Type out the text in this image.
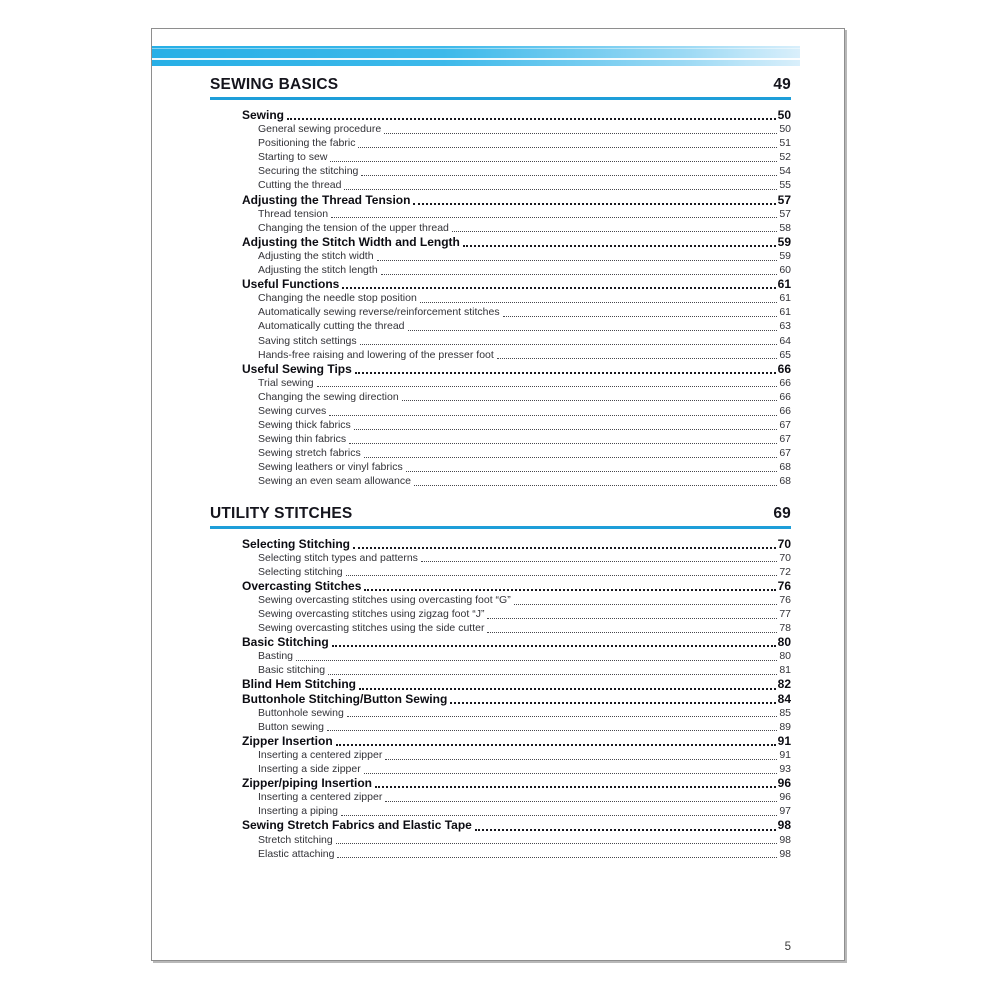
SEWING BASICS	49
Sewing	50
General sewing procedure	50
Positioning the fabric	51
Starting to sew	52
Securing the stitching	54
Cutting the thread	55
Adjusting the Thread Tension	57
Thread tension	57
Changing the tension of the upper thread	58
Adjusting the Stitch Width and Length	59
Adjusting the stitch width	59
Adjusting the stitch length	60
Useful Functions	61
Changing the needle stop position	61
Automatically sewing reverse/reinforcement stitches	61
Automatically cutting the thread	63
Saving stitch settings	64
Hands-free raising and lowering of the presser foot	65
Useful Sewing Tips	66
Trial sewing	66
Changing the sewing direction	66
Sewing curves	66
Sewing thick fabrics	67
Sewing thin fabrics	67
Sewing stretch fabrics	67
Sewing leathers or vinyl fabrics	68
Sewing an even seam allowance	68
UTILITY STITCHES	69
Selecting Stitching	70
Selecting stitch types and patterns	70
Selecting stitching	72
Overcasting Stitches	76
Sewing overcasting stitches using overcasting foot “G”	76
Sewing overcasting stitches using zigzag foot “J”	77
Sewing overcasting stitches using the side cutter	78
Basic Stitching	80
Basting	80
Basic stitching	81
Blind Hem Stitching	82
Buttonhole Stitching/Button Sewing	84
Buttonhole sewing	85
Button sewing	89
Zipper Insertion	91
Inserting a centered zipper	91
Inserting a side zipper	93
Zipper/piping Insertion	96
Inserting a centered zipper	96
Inserting a piping	97
Sewing Stretch Fabrics and Elastic Tape	98
Stretch stitching	98
Elastic attaching	98
5
